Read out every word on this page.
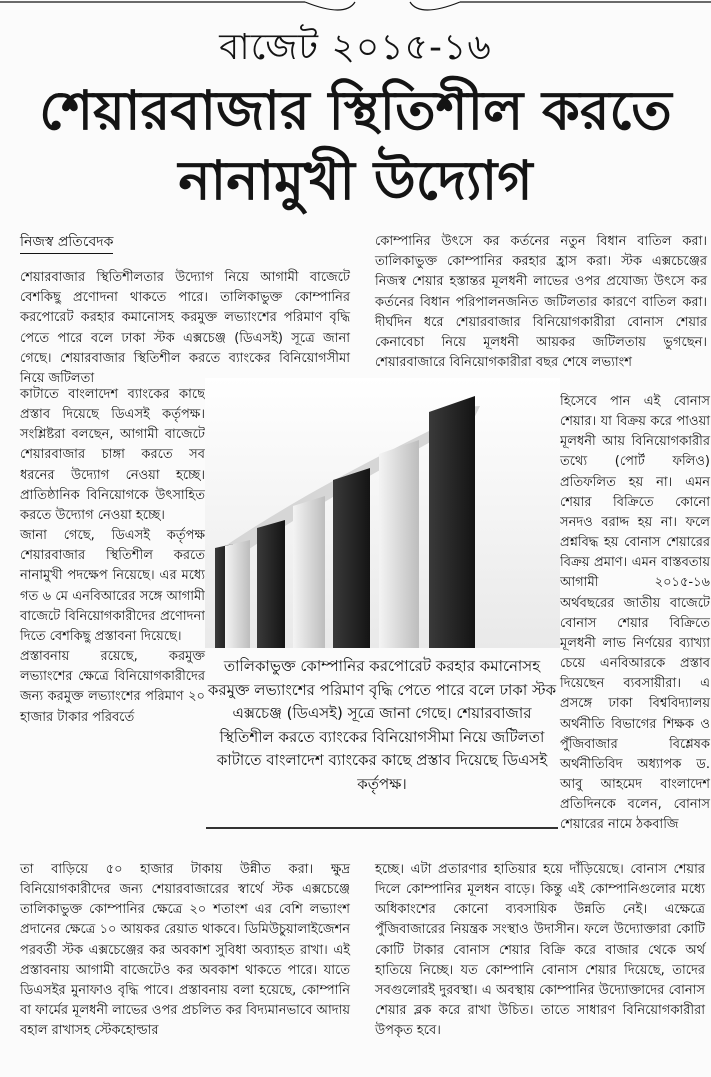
বাজেট ২০১৫-১৬
শেয়ারবাজার স্থিতিশীল করতে
নানামুখী উদ্যোগ
নিজস্ব প্রতিবেদক

শেয়ারবাজার স্থিতিশীলতার উদ্যোগ নিয়ে আগামী বাজেটে বেশকিছু প্রণোদনা থাকতে পারে। তালিকাভুক্ত কোম্পানির করপোরেট করহার কমানোসহ করমুক্ত লভ্যাংশের পরিমাণ বৃদ্ধি পেতে পারে বলে ঢাকা স্টক এক্সচেঞ্জ (ডিএসই) সূত্রে জানা গেছে। শেয়ারবাজার স্থিতিশীল করতে ব্যাংকের বিনিয়োগসীমা নিয়ে জটিলতা

কাটাতে বাংলাদেশ ব্যাংকের কাছে প্রস্তাব দিয়েছে ডিএসই কর্তৃপক্ষ। সংশ্লিষ্টরা বলছেন, আগামী বাজেটে শেয়ারবাজার চাঙ্গা করতে সব ধরনের উদ্যোগ নেওয়া হচ্ছে। প্রাতিষ্ঠানিক বিনিয়োগকে উৎসাহিত করতে উদ্যোগ নেওয়া হচ্ছে।

জানা গেছে, ডিএসই কর্তৃপক্ষ শেয়ারবাজার স্থিতিশীল করতে নানামুখী পদক্ষেপ নিয়েছে। এর মধ্যে গত ৬ মে এনবিআরের সঙ্গে আগামী বাজেটে বিনিয়োগকারীদের প্রণোদনা দিতে বেশকিছু প্রস্তাবনা দিয়েছে।

প্রস্তাবনায় রয়েছে, করমুক্ত লভ্যাংশের ক্ষেত্রে বিনিয়োগকারীদের জন্য করমুক্ত লভ্যাংশের পরিমাণ ২০ হাজার টাকার পরিবর্তে

কোম্পানির উৎসে কর কর্তনের নতুন বিধান বাতিল করা। তালিকাভুক্ত কোম্পানির করহার হ্রাস করা। স্টক এক্সচেঞ্জের নিজস্ব শেয়ার হস্তান্তর মূলধনী লাভের ওপর প্রযোজ্য উৎসে কর কর্তনের বিধান পরিপালনজনিত জটিলতার কারণে বাতিল করা। দীর্ঘদিন ধরে শেয়ারবাজার বিনিয়োগকারীরা বোনাস শেয়ার কেনাবেচা নিয়ে মূলধনী আয়কর জটিলতায় ভুগছেন। শেয়ারবাজারে বিনিয়োগকারীরা বছর শেষে লভ্যাংশ

হিসেবে পান এই বোনাস শেয়ার। যা বিক্রয় করে পাওয়া মূলধনী আয় বিনিয়োগকারীর তথ্যে (পোর্ট ফলিও) প্রতিফলিত হয় না। এমন শেয়ার বিক্রিতে কোনো সনদও বরাদ্দ হয় না। ফলে প্রশ্নবিদ্ধ হয় বোনাস শেয়ারের বিক্রয় প্রমাণ। এমন বাস্তবতায় আগামী ২০১৫-১৬ অর্থবছরের জাতীয় বাজেটে বোনাস শেয়ার বিক্রিতে মূলধনী লাভ নির্ণয়ের ব্যাখ্যা চেয়ে এনবিআরকে প্রস্তাব দিয়েছেন ব্যবসায়ীরা। এ প্রসঙ্গে ঢাকা বিশ্ববিদ্যালয় অর্থনীতি বিভাগের শিক্ষক ও পুঁজিবাজার বিশ্লেষক অর্থনীতিবিদ অধ্যাপক ড. আবু আহমেদ বাংলাদেশ প্রতিদিনকে বলেন, বোনাস শেয়ারের নামে ঠকবাজি

তালিকাভুক্ত কোম্পানির করপোরেট করহার কমানোসহ করমুক্ত লভ্যাংশের পরিমাণ বৃদ্ধি পেতে পারে বলে ঢাকা স্টক এক্সচেঞ্জ (ডিএসই) সূত্রে জানা গেছে। শেয়ারবাজার স্থিতিশীল করতে ব্যাংকের বিনিয়োগসীমা নিয়ে জটিলতা কাটাতে বাংলাদেশ ব্যাংকের কাছে প্রস্তাব দিয়েছে ডিএসই কর্তৃপক্ষ।

তা বাড়িয়ে ৫০ হাজার টাকায় উন্নীত করা। ক্ষুদ্র বিনিয়োগকারীদের জন্য শেয়ারবাজারের স্বার্থে স্টক এক্সচেঞ্জে তালিকাভুক্ত কোম্পানির ক্ষেত্রে ২০ শতাংশ এর বেশি লভ্যাংশ প্রদানের ক্ষেত্রে ১০ আয়কর রেয়াত থাকবে। ডিমিউচুয়ালাইজেশন পরবর্তী স্টক এক্সচেঞ্জের কর অবকাশ সুবিধা অব্যাহত রাখা। এই প্রস্তাবনায় আগামী বাজেটেও কর অবকাশ থাকতে পারে। যাতে ডিএসইর মুনাফাও বৃদ্ধি পাবে। প্রস্তাবনায় বলা হয়েছে, কোম্পানি বা ফার্মের মূলধনী লাভের ওপর প্রচলিত কর বিদ্যমানভাবে আদায় বহাল রাখাসহ স্টেকহোল্ডার

হচ্ছে। এটা প্রতারণার হাতিয়ার হয়ে দাঁড়িয়েছে। বোনাস শেয়ার দিলে কোম্পানির মূলধন বাড়ে। কিন্তু এই কোম্পানিগুলোর মধ্যে অধিকাংশের কোনো ব্যবসায়িক উন্নতি নেই। এক্ষেত্রে পুঁজিবাজারের নিয়ন্ত্রক সংস্থাও উদাসীন। ফলে উদ্যোক্তারা কোটি কোটি টাকার বোনাস শেয়ার বিক্রি করে বাজার থেকে অর্থ হাতিয়ে নিচ্ছে। যত কোম্পানি বোনাস শেয়ার দিয়েছে, তাদের সবগুলোরই দুরবস্থা। এ অবস্থায় কোম্পানির উদ্যোক্তাদের বোনাস শেয়ার ব্লক করে রাখা উচিত। তাতে সাধারণ বিনিয়োগকারীরা উপকৃত হবে।
